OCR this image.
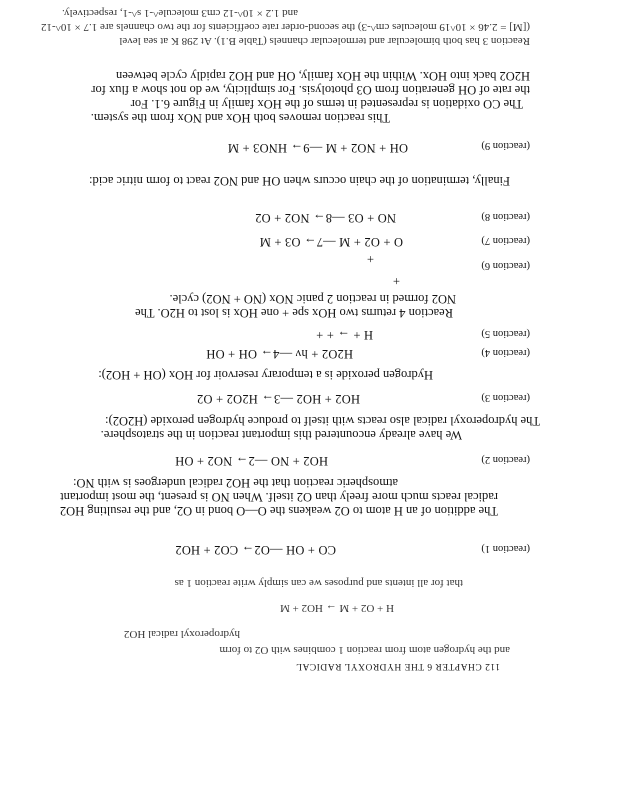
112 CHAPTER 6 THE HYDROXYL RADICAL
and the hydrogen atom from reaction 1 combines with O2 to form
hydroperoxyl radical HO2
H + O2 + M → HO2 + M
that for all intents and purposes we can simply write reaction 1 as
CO + OH —O2→ CO2 + HO2	(reaction 1)
The addition of an H atom to O2 weakens the O—O bond in O2, and the resulting HO2
radical reacts much more freely than O2 itself. When NO is present, the most important
atmospheric reaction that the HO2 radical undergoes is with NO:
HO2 + NO —2→ NO2 + OH	(reaction 2)
We have already encountered this important reaction in the stratosphere.
The hydroperoxyl radical also reacts with itself to produce hydrogen peroxide (H2O2):
HO2 + HO2 —3→ H2O2 + O2	(reaction 3)
Hydrogen peroxide is a temporary reservoir for HOx (OH + HO2):
H2O2 + hν —4→ OH + OH	(reaction 4)
H + → + +	(reaction 5)
Reaction 4 returns two HOx spe + one HOx is lost to H2O. The
NO2 formed in reaction 2 panic NOx (NO + NO2) cycle.
+
(reaction 6)
+
O + O2 + M —7→ O3 + M	(reaction 7)
NO + O3 —8→ NO2 + O2	(reaction 8)
Finally, termination of the chain occurs when OH and NO2 react to form nitric acid:
OH + NO2 + M —9→ HNO3 + M	(reaction 9)
This reaction removes both HOx and NOx from the system.
The CO oxidation is represented in terms of the HOx family in Figure 6.1. For
the rate of OH generation from O3 photolysis. For simplicity, we do not show a flux for
H2O2 back into HOx. Within the HOx family, OH and HO2 rapidly cycle between
Reaction 3 has both bimolecular and termolecular channels (Table B.1). At 298 K at sea level
([M] = 2.46 × 10^19 molecules cm^-3) the second-order rate coefficients for the two channels are 1.7 × 10^-12
and 1.2 × 10^-12 cm3 molecule^-1 s^-1, respectively.
